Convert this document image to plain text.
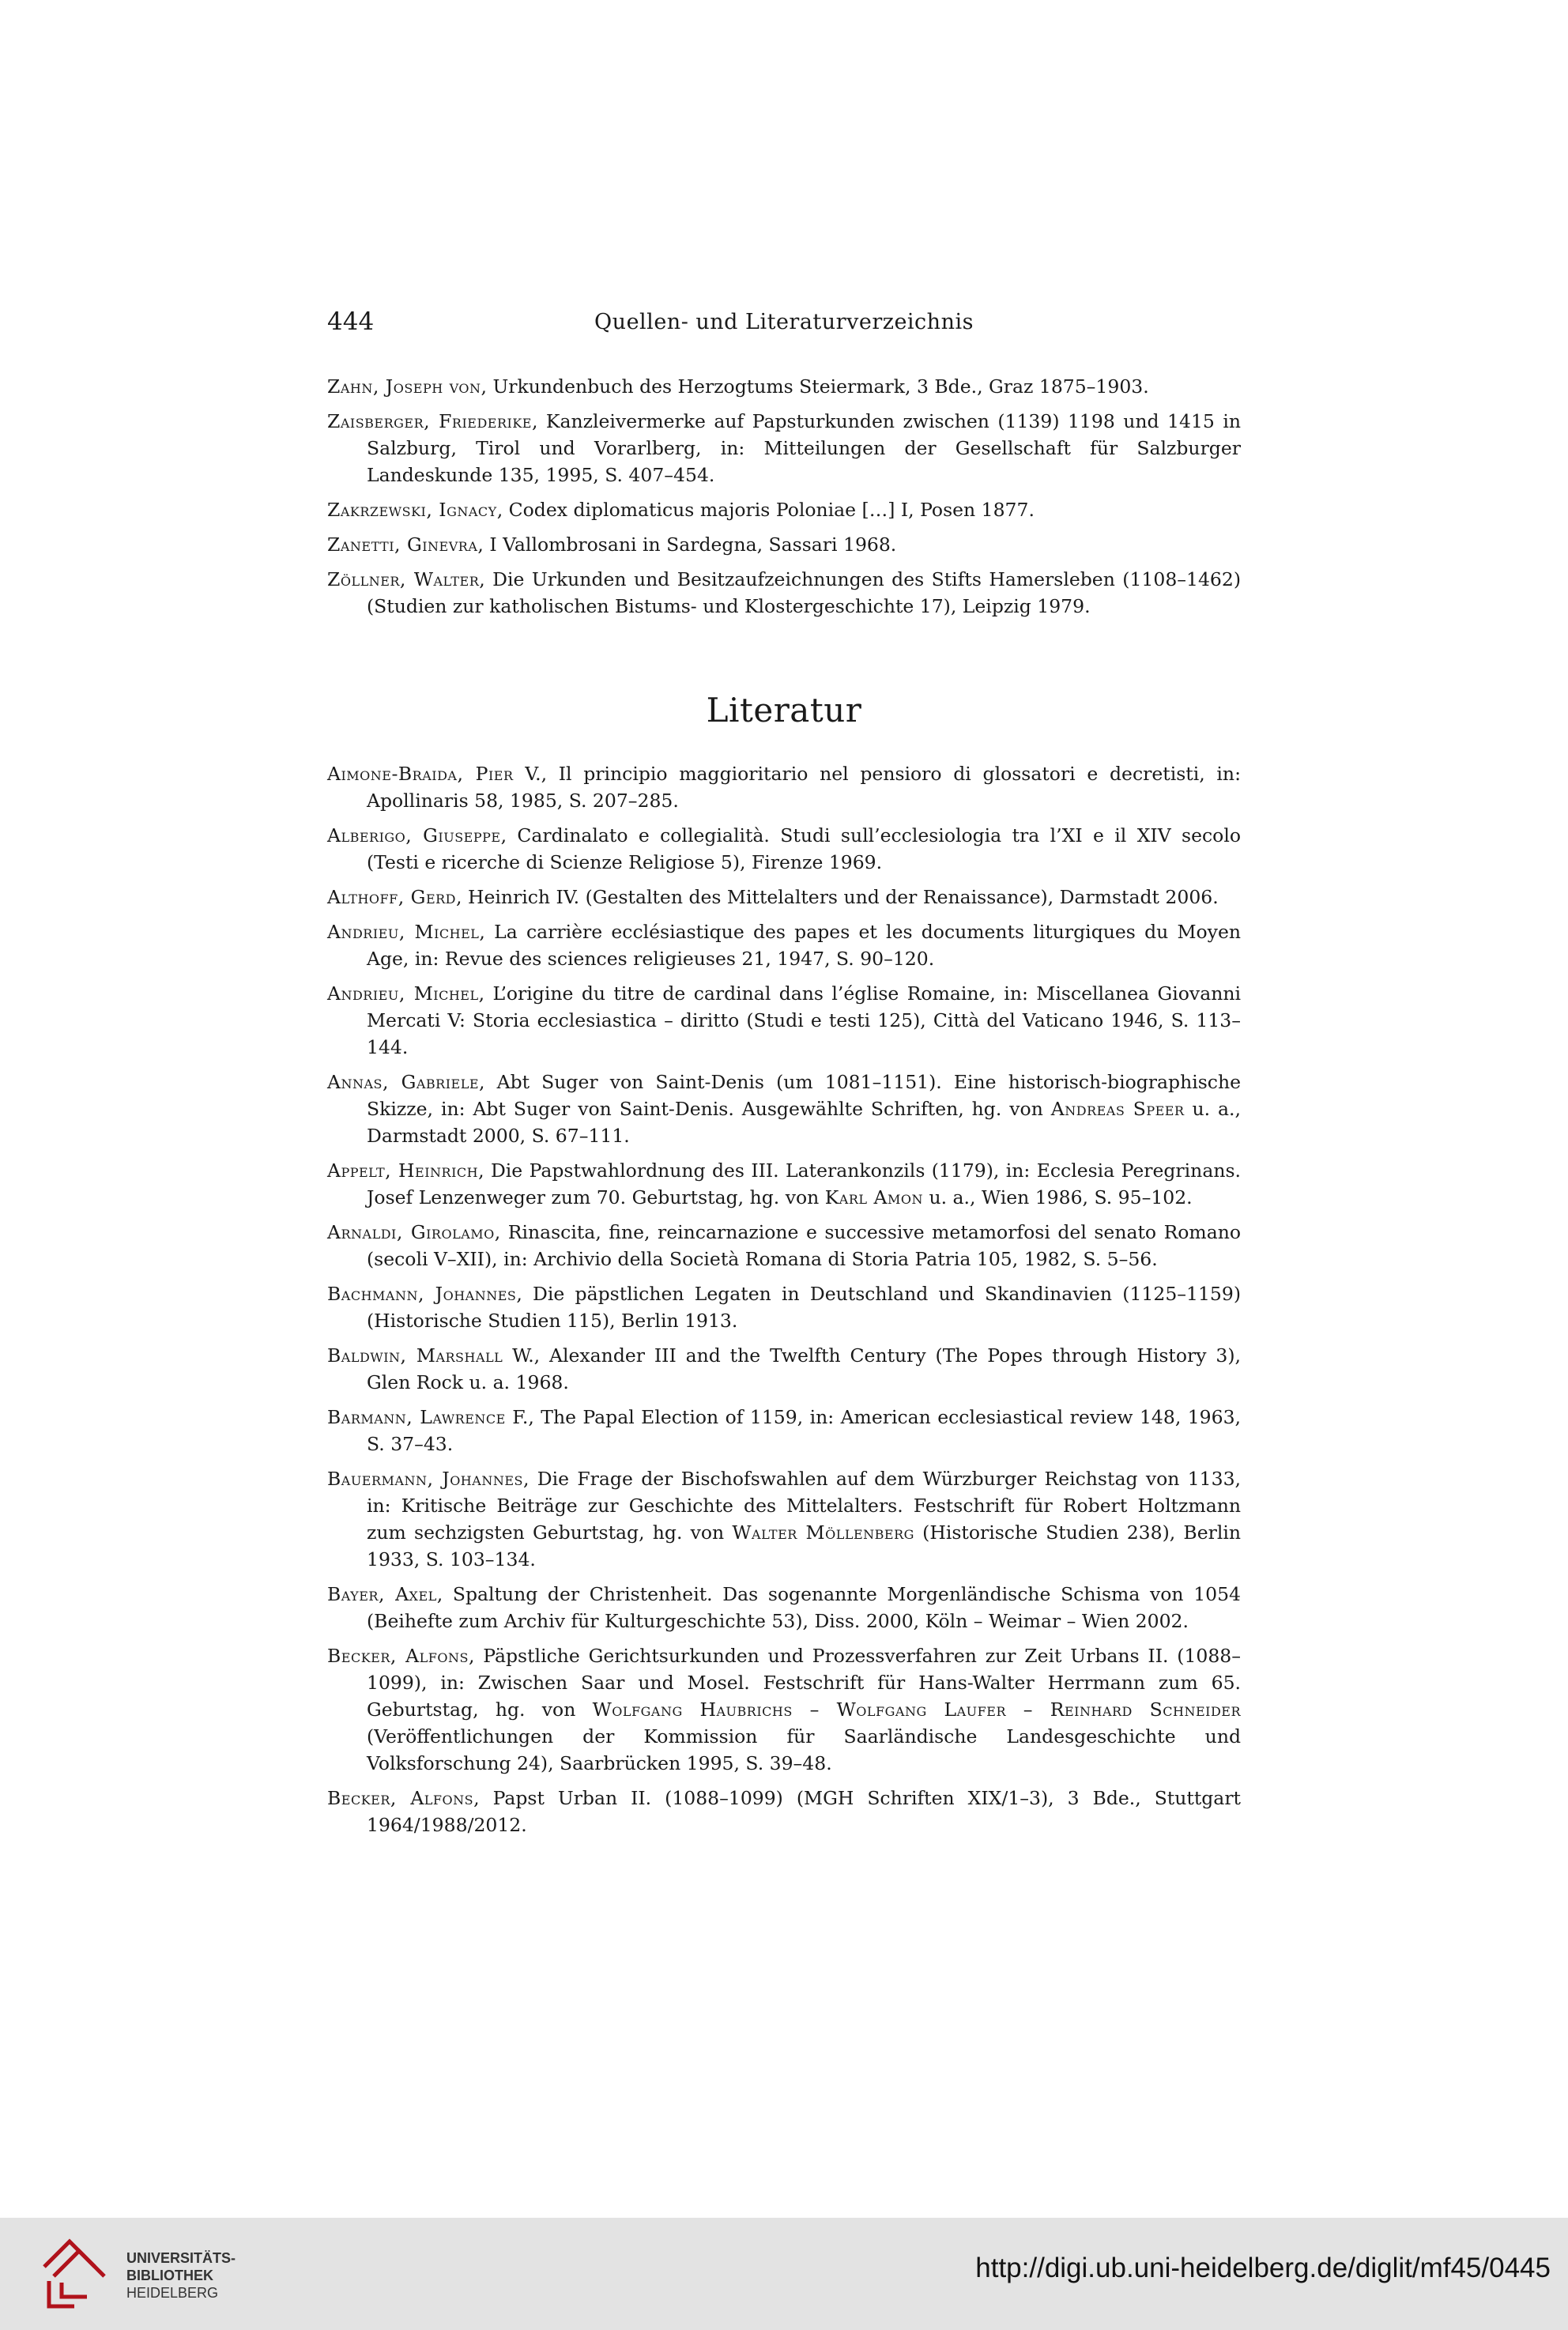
444	Quellen- und Literaturverzeichnis

Zahn, Joseph von, Urkundenbuch des Herzogtums Steiermark, 3 Bde., Graz 1875–1903.

Zaisberger, Friederike, Kanzleivermerke auf Papsturkunden zwischen (1139) 1198 und 1415 in Salzburg, Tirol und Vorarlberg, in: Mitteilungen der Gesellschaft für Salzburger Landeskunde 135, 1995, S. 407–454.

Zakrzewski, Ignacy, Codex diplomaticus majoris Poloniae […] I, Posen 1877.

Zanetti, Ginevra, I Vallombrosani in Sardegna, Sassari 1968.

Zöllner, Walter, Die Urkunden und Besitzaufzeichnungen des Stifts Hamersleben (1108–1462) (Studien zur katholischen Bistums- und Klostergeschichte 17), Leipzig 1979.

Literatur

Aimone-Braida, Pier V., Il principio maggioritario nel pensioro di glossatori e decretisti, in: Apollinaris 58, 1985, S. 207–285.

Alberigo, Giuseppe, Cardinalato e collegialità. Studi sull’ecclesiologia tra l’XI e il XIV secolo (Testi e ricerche di Scienze Religiose 5), Firenze 1969.

Althoff, Gerd, Heinrich IV. (Gestalten des Mittelalters und der Renaissance), Darmstadt 2006.

Andrieu, Michel, La carrière ecclésiastique des papes et les documents liturgiques du Moyen Age, in: Revue des sciences religieuses 21, 1947, S. 90–120.

Andrieu, Michel, L’origine du titre de cardinal dans l’église Romaine, in: Miscellanea Giovanni Mercati V: Storia ecclesiastica – diritto (Studi e testi 125), Città del Vaticano 1946, S. 113–144.

Annas, Gabriele, Abt Suger von Saint-Denis (um 1081–1151). Eine historisch-biographische Skizze, in: Abt Suger von Saint-Denis. Ausgewählte Schriften, hg. von Andreas Speer u. a., Darmstadt 2000, S. 67–111.

Appelt, Heinrich, Die Papstwahlordnung des III. Laterankonzils (1179), in: Ecclesia Peregrinans. Josef Lenzenweger zum 70. Geburtstag, hg. von Karl Amon u. a., Wien 1986, S. 95–102.

Arnaldi, Girolamo, Rinascita, fine, reincarnazione e successive metamorfosi del senato Romano (secoli V–XII), in: Archivio della Società Romana di Storia Patria 105, 1982, S. 5–56.

Bachmann, Johannes, Die päpstlichen Legaten in Deutschland und Skandinavien (1125–1159) (Historische Studien 115), Berlin 1913.

Baldwin, Marshall W., Alexander III and the Twelfth Century (The Popes through History 3), Glen Rock u. a. 1968.

Barmann, Lawrence F., The Papal Election of 1159, in: American ecclesiastical review 148, 1963, S. 37–43.

Bauermann, Johannes, Die Frage der Bischofswahlen auf dem Würzburger Reichstag von 1133, in: Kritische Beiträge zur Geschichte des Mittelalters. Festschrift für Robert Holtzmann zum sechzigsten Geburtstag, hg. von Walter Möllenberg (Historische Studien 238), Berlin 1933, S. 103–134.

Bayer, Axel, Spaltung der Christenheit. Das sogenannte Morgenländische Schisma von 1054 (Beihefte zum Archiv für Kulturgeschichte 53), Diss. 2000, Köln – Weimar – Wien 2002.

Becker, Alfons, Päpstliche Gerichtsurkunden und Prozessverfahren zur Zeit Urbans II. (1088–1099), in: Zwischen Saar und Mosel. Festschrift für Hans-Walter Herrmann zum 65. Geburtstag, hg. von Wolfgang Haubrichs – Wolfgang Laufer – Reinhard Schneider (Veröffentlichungen der Kommission für Saarländische Landesgeschichte und Volksforschung 24), Saarbrücken 1995, S. 39–48.

Becker, Alfons, Papst Urban II. (1088–1099) (MGH Schriften XIX/1–3), 3 Bde., Stuttgart 1964/1988/2012.

UNIVERSITÄTS-
BIBLIOTHEK
HEIDELBERG
http://digi.ub.uni-heidelberg.de/diglit/mf45/0445
